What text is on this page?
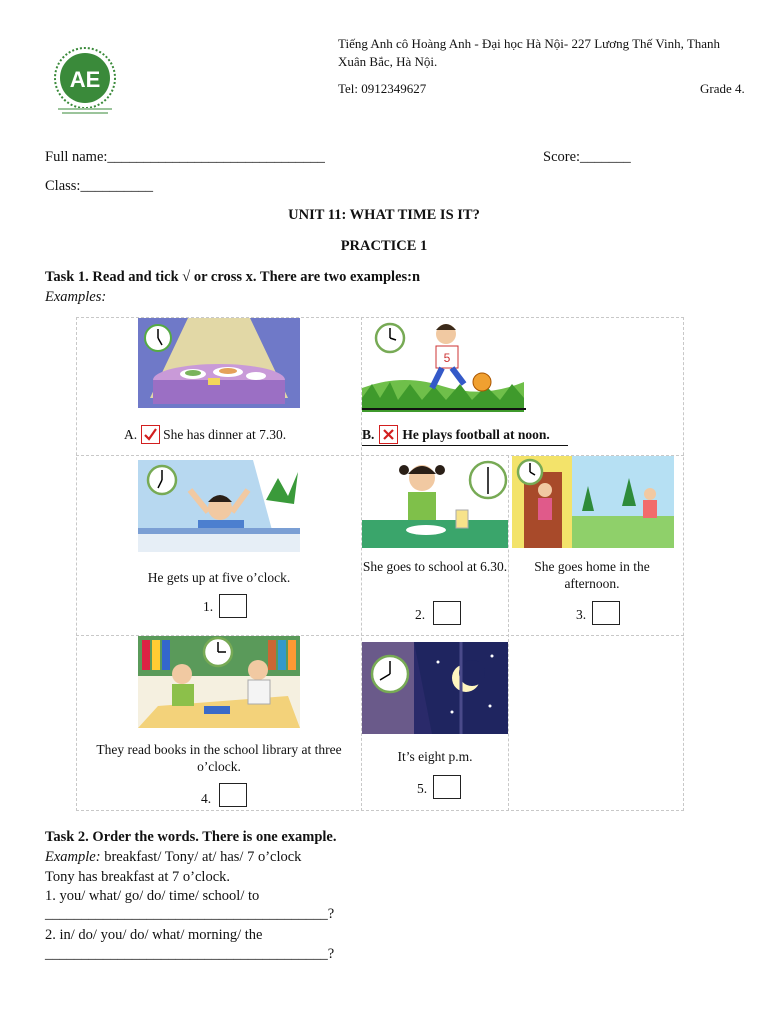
AE
Tiếng Anh cô Hoàng Anh - Đại học Hà Nội- 227 Lương Thế Vinh, Thanh
Xuân Bắc, Hà Nội.
Tel: 0912349627	Grade 4.
Full name:______________________________	Score:_______
Class:__________
UNIT 11: WHAT TIME IS IT?
PRACTICE 1
Task 1. Read and tick √ or cross x. There are two examples:n
Examples:
A. She has dinner at 7.30.
5
B. He plays football at noon.
He gets up at five o’clock.
1.
She goes to school at 6.30.
2.
She goes home in the afternoon.
3.
They read books in the school library at three o’clock.
4.
It’s eight p.m.
5.
Task 2. Order the words. There is one example.
Example: breakfast/ Tony/ at/ has/ 7 o’clock
Tony has breakfast at 7 o’clock.
1. you/ what/ go/ do/ time/ school/ to
_______________________________________?
2. in/ do/ you/ do/ what/ morning/ the
_______________________________________?
